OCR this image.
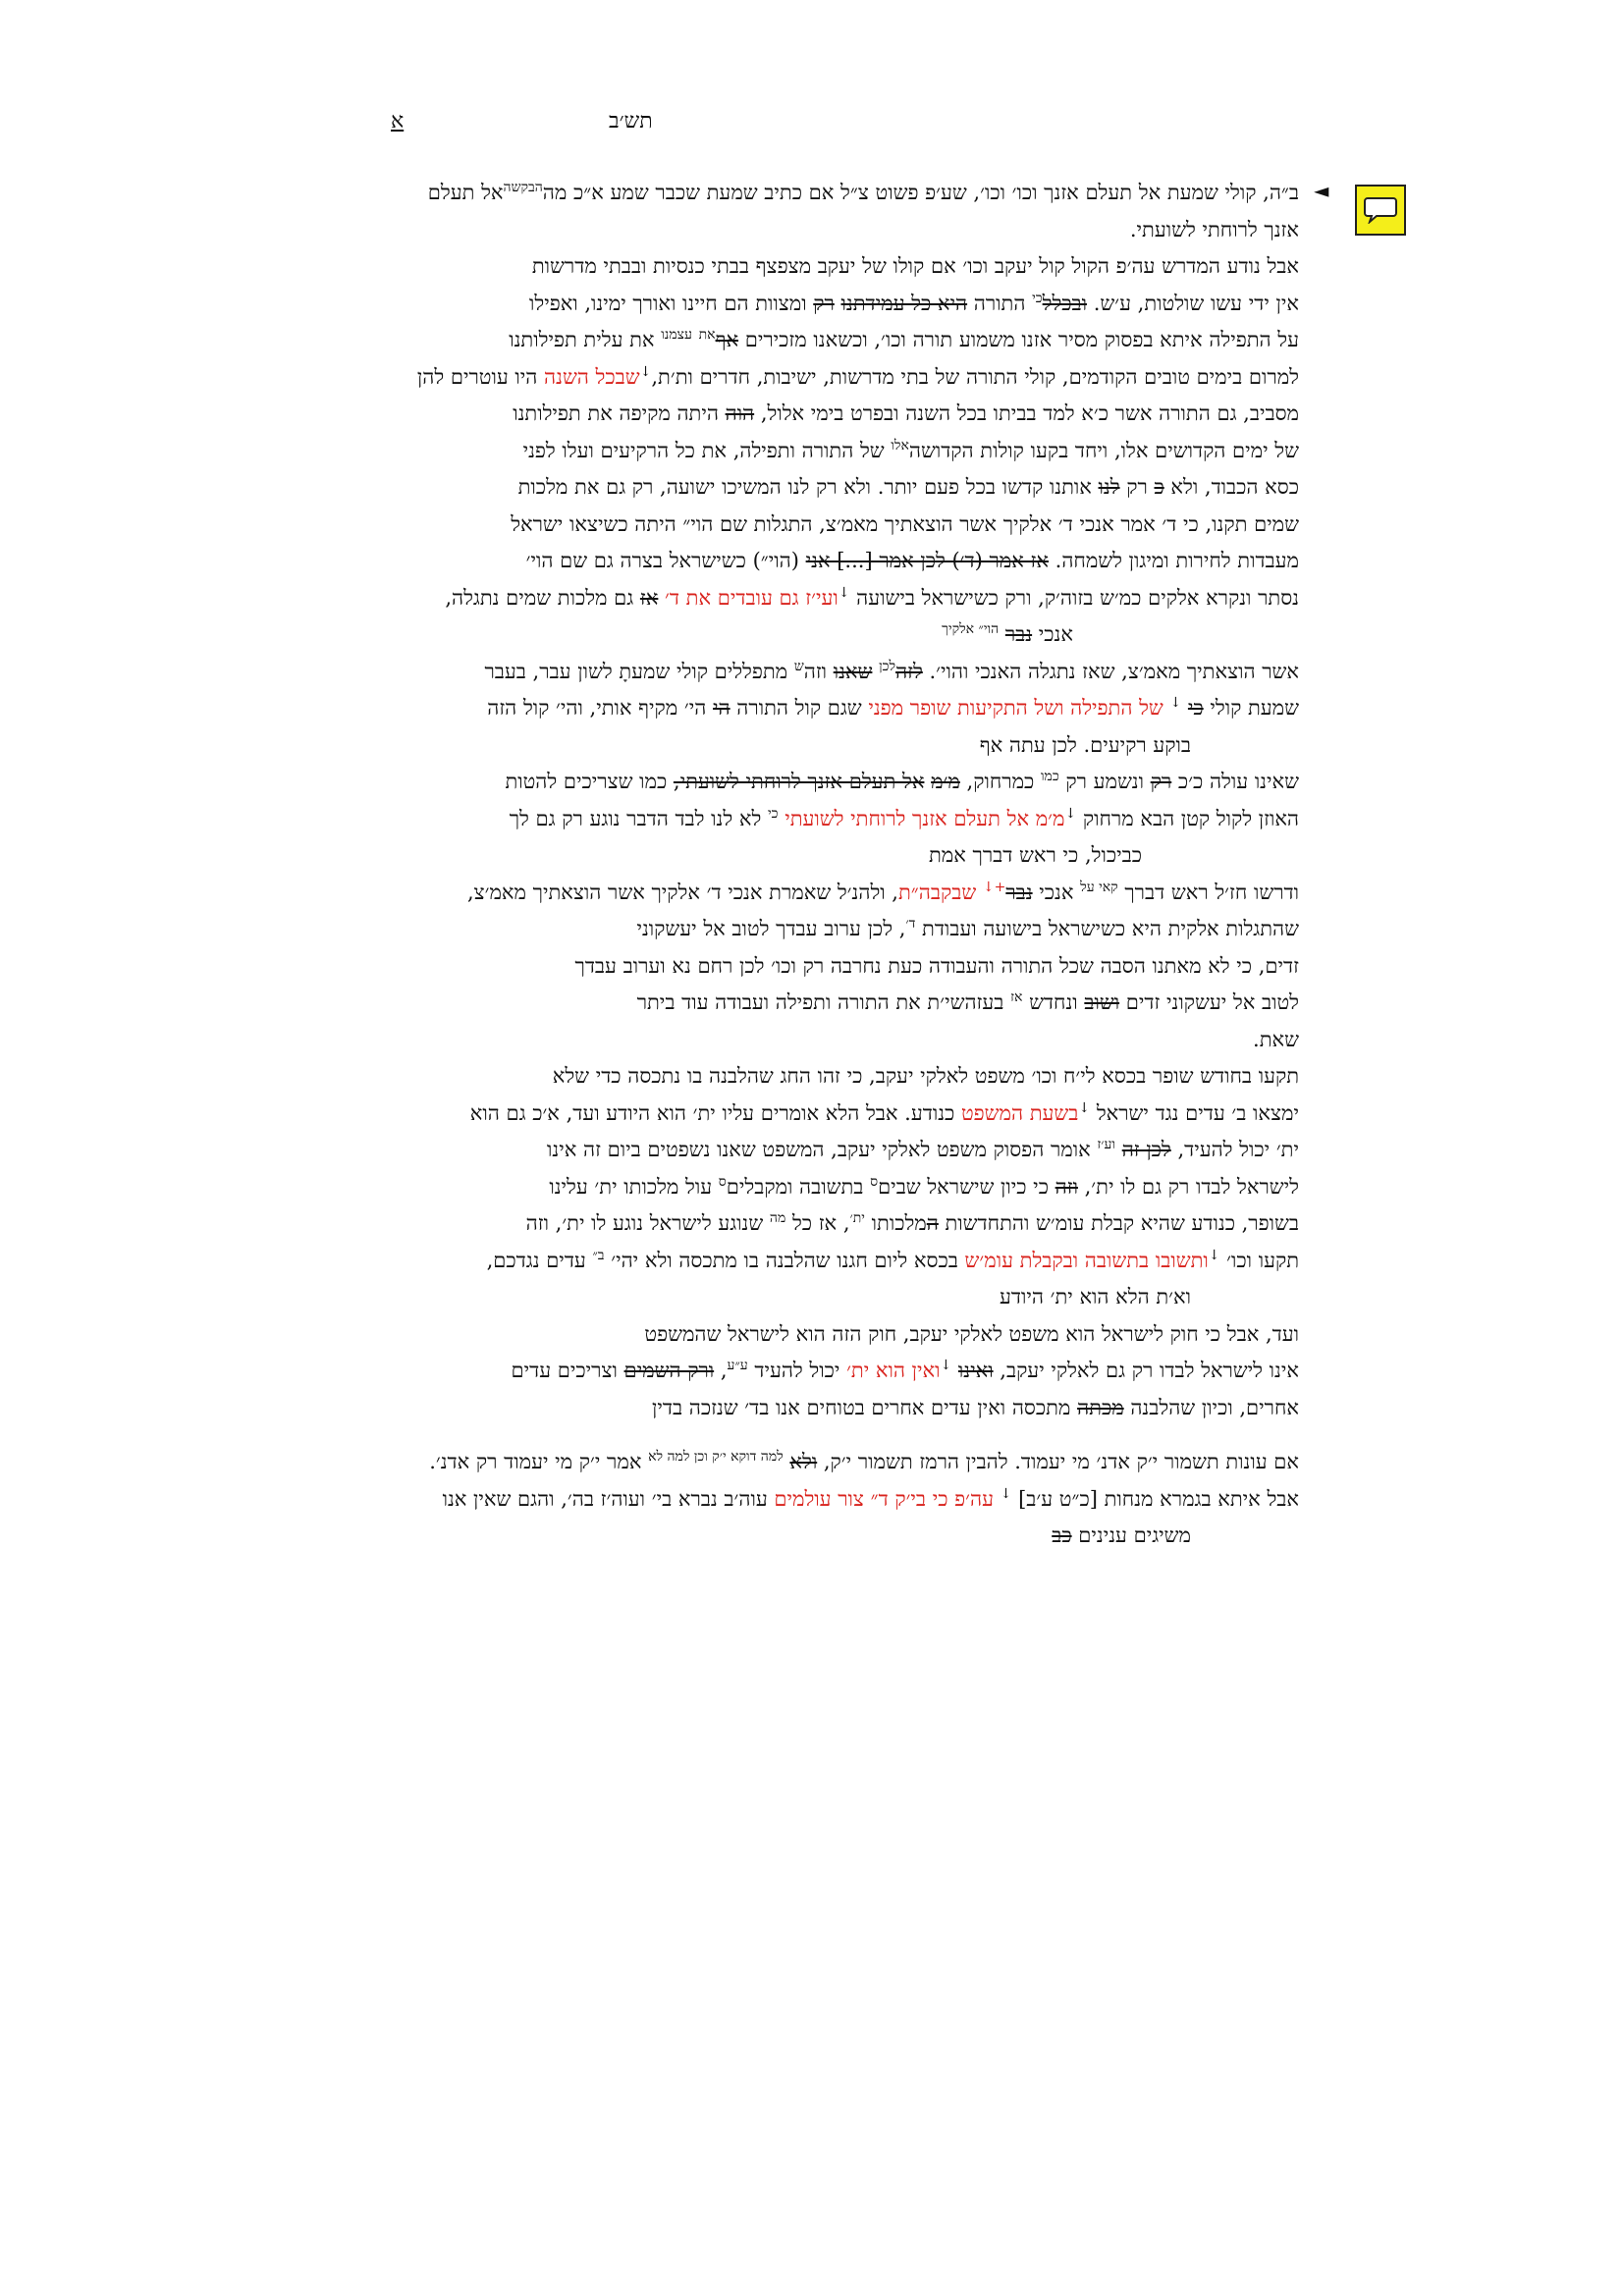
תש׳ב
א
◄
ב״ה, קולי שמעת אל תעלם אזנך וכו׳ וכו׳, שע׳פ פשוט צ״ל אם כתיב שמעת שכבר שמע א״כ מה$^{הבקשה}$אל תעלם
אזנך לרוחתי לשועתי.
אבל נודע המדרש עה׳פ הקול קול יעקב וכו׳ אם קולו של יעקב מצפצף בבתי כנסיות ובבתי מדרשות
אין ידי עשו שולטות, ע׳ש. ובכלל$^{כי}$ התורה היא כל עמידתנו רק ומצוות הם חיינו ואורך ימינו, ואפילו
על התפילה איתא בפסוק מסיר אזנו משמוע תורה וכו׳, וכשאנו מזכירים אף$^{את}$ $^{עצמנו}$ את עלית תפילותנו
למרום בימים טובים הקודמים, קולי התורה של בתי מדרשות, ישיבות, חדרים ות׳ת,↓שבכל השנה היו עוטרים להן
מסביב, גם התורה אשר כ׳א למד בביתו בכל השנה ובפרט בימי אלול, הוה היתה מקיפה את תפילותנו
של ימים הקדושים אלו, ויחד בקעו קולות הקדושה$^{אלו}$ של התורה ותפילה, את כל הרקיעים ועלו לפני
כסא הכבוד, ולא כ רק לנו אותנו קדשו בכל פעם יותר. ולא רק לנו המשיכו ישועה, רק גם את מלכות
שמים תקנו, כי ד׳ אמר אנכי ד׳ אלקיך אשר הוצאתיך מאמ׳צ, התגלות שם הוי״ היתה כשיצאו ישראל
מעבדות לחירות ומיגון לשמחה. אז אמר (ד׳) לכן אמר [...] אני (הוי״) כשישראל בצרה גם שם הוי׳
נסתר ונקרא אלקים כמ׳ש בזוה׳ק, ורק כשישראל בישועה ↓ועי׳ז גם עובדים את ד׳ אז גם מלכות שמים נתגלה,
אנכי נבר $^{הוי״ אלקיך}$
אשר הוצאתיך מאמ׳צ, שאז נתגלה האנכי והוי׳. לזה$^{לכן}$ שאנו וזה$^ש$ מתפללים קולי שמעתָ לשון עבר, בעבר
שמעת קולי כי ↓ של התפילה ושל התקיעות שופר מפני שגם קול התורה הי הי׳ מקיף אותי, והי׳ קול הזה
בוקע רקיעים. לכן עתה אף
שאינו עולה כ׳כ רק ונשמע רק $^{כמו}$ כמרחוק, מ׳מ אל תעלם אזנך לרוחתי לשועתי, כמו שצריכים להטות
האוזן לקול קטן הבא מרחוק ↓מ׳מ אל תעלם אזנך לרוחתי לשועתי $^{כי}$ לא לנו לבד הדבר נוגע רק גם לך
כביכול, כי ראש דברך אמת
ודרשו חז׳ל ראש דברך $^{קאי על}$ אנכי נבר+↓ שבקבה״ת, ולהנ׳ל שאמרת אנכי ד׳ אלקיך אשר הוצאתיך מאמ׳צ,
שהתגלות אלקית היא כשישראל בישועה ועבודת $^{ד׳}$, לכן ערוב עבדך לטוב אל יעשקוני
זדים, כי לא מאתנו הסבה שכל התורה והעבודה כעת נחרבה רק וכו׳ לכן רחם נא וערוב עבדך
לטוב אל יעשקוני זדים ושוב ונחדש $^{אז}$ בעזהשי׳ת את התורה ותפילה ועבודה עוד ביתר
שאת.
תקעו בחודש שופר בכסא לי׳ח וכו׳ משפט לאלקי יעקב, כי זהו החג שהלבנה בו נתכסה כדי שלא
ימצאו ב׳ עדים נגד ישראל ↓בשעת המשפט כנודע. אבל הלא אומרים עליו ית׳ הוא היודע ועד, א׳כ גם הוא
ית׳ יכול להעיד, לכן זה $^{וע׳ז}$ אומר הפסוק משפט לאלקי יעקב, המשפט שאנו נשפטים ביום זה אינו
לישראל לבדו רק גם לו ית׳, וזה כי כיון שישראל שבים$^ס$ בתשובה ומקבלים$^ס$ עול מלכותו ית׳ עלינו
בשופר, כנודע שהיא קבלת עומ׳ש והתחדשות המלכותו $^{ית׳}$, אז כל $^{מה}$ שנוגע לישראל נוגע לו ית׳, וזה
תקעו וכו׳ ↓ותשובו בתשובה ובקבלת עומ׳ש בכסא ליום חגנו שהלבנה בו מתכסה ולא יהי׳ $^{ב״}$ עדים נגדכם,
וא׳ת הלא הוא ית׳ היודע
ועד, אבל כי חוק לישראל הוא משפט לאלקי יעקב, חוק הזה הוא לישראל שהמשפט
אינו לישראל לבדו רק גם לאלקי יעקב, ואינו ↓ואין הוא ית׳ יכול להעיד $^{ע״ע}$, ורק השמים וצריכים עדים
אחרים, וכיון שהלבנה מכתה מתכסה ואין עדים אחרים בטוחים אנו בד׳ שנזכה בדין
אם עונות תשמור י׳ק אדנ׳ מי יעמוד. להבין הרמז תשמור י׳ק, ולא $^{למה דוקא י׳ק וכן למה לא}$ אמר י׳ק מי יעמוד רק אדנ׳.
אבל איתא בגמרא מנחות [כ״ט ע׳ב] ↓ עה׳פ כי בי׳ק ד״ צור עולמים עוה׳ב נברא בי׳ ועוה׳ז בה׳, והגם שאין אנו
משיגים ענינים כב
